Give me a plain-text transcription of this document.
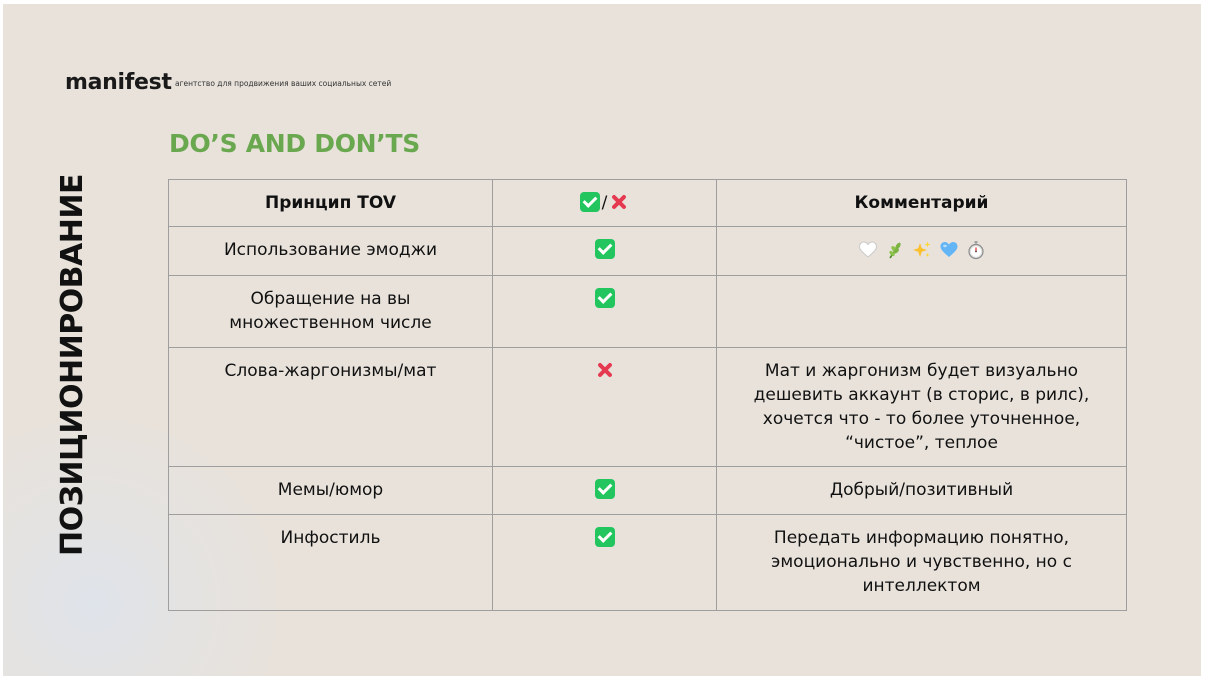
manifest агентство для продвижения ваших социальных сетей
ПОЗИЦИОНИРОВАНИЕ
DO’S AND DON’TS
Принцип TOV	/	Комментарий
Использование эмоджи		

Обращение на вы множественном числе		
Слова-жаргонизмы/мат		Мат и жаргонизм будет визуально дешевить аккаунт (в сторис, в рилс), хочется что - то более уточненное, “чистое”, теплое
Мемы/юмор		Добрый/позитивный
Инфостиль		Передать информацию понятно, эмоционально и чувственно, но с интеллектом
